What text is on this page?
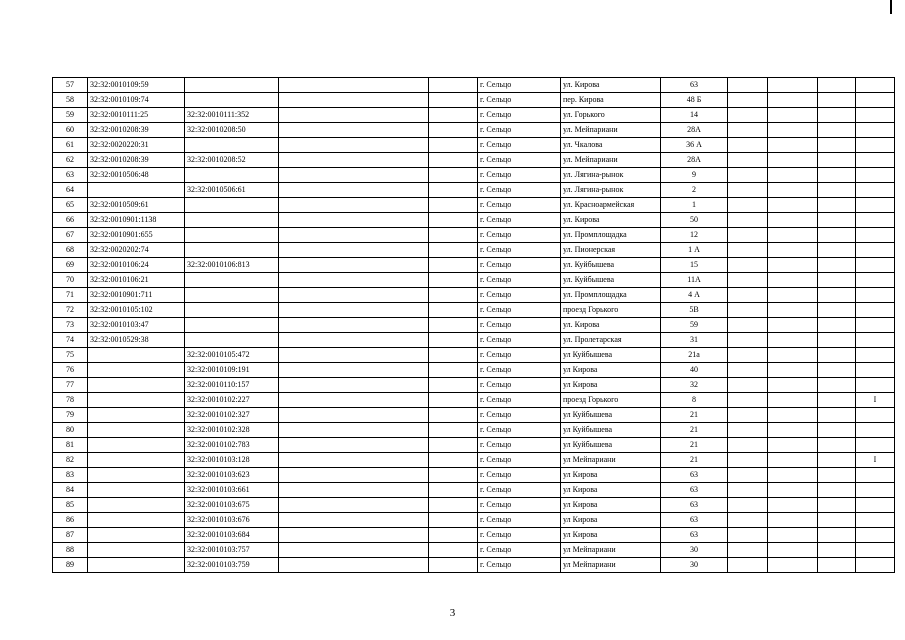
57	32:32:0010109:59				г. Сельцо	ул. Кирова	63				
58	32:32:0010109:74				г. Сельцо	пер. Кирова	48 Б				
59	32:32:0010111:25	32:32:0010111:352			г. Сельцо	ул. Горького	14				
60	32:32:0010208:39	32:32:0010208:50			г. Сельцо	ул. Мейпариани	28А				
61	32:32:0020220:31				г. Сельцо	ул. Чкалова	36 А				
62	32:32:0010208:39	32:32:0010208:52			г. Сельцо	ул. Мейпариани	28А				
63	32:32:0010506:48				г. Сельцо	ул. Лягина-рынок	9				
64		32:32:0010506:61			г. Сельцо	ул. Лягина-рынок	2				
65	32:32:0010509:61				г. Сельцо	ул. Красноармейская	1				
66	32:32:0010901:1138				г. Сельцо	ул. Кирова	50				
67	32:32:0010901:655				г. Сельцо	ул. Промплощадка	12				
68	32:32:0020202:74				г. Сельцо	ул. Пионерская	1 А				
69	32:32:0010106:24	32:32:0010106:813			г. Сельцо	ул. Куйбышева	15				
70	32:32:0010106:21				г. Сельцо	ул. Куйбышева	11А				
71	32:32:0010901:711				г. Сельцо	ул. Промплощадка	4 А				
72	32:32:0010105:102				г. Сельцо	проезд Горького	5В				
73	32:32:0010103:47				г. Сельцо	ул. Кирова	59				
74	32:32:0010529:38				г. Сельцо	ул. Пролетарская	31				
75		32:32:0010105:472			г. Сельцо	ул Куйбышева	21а				
76		32:32:0010109:191			г. Сельцо	ул Кирова	40				
77		32:32:0010110:157			г. Сельцо	ул Кирова	32				
78		32:32:0010102:227			г. Сельцо	проезд Горького	8				I
79		32:32:0010102:327			г. Сельцо	ул Куйбышева	21				
80		32:32:0010102:328			г. Сельцо	ул Куйбышева	21				
81		32:32:0010102:783			г. Сельцо	ул Куйбышева	21				
82		32:32:0010103:128			г. Сельцо	ул Мейпариани	21				I
83		32:32:0010103:623			г. Сельцо	ул Кирова	63				
84		32:32:0010103:661			г. Сельцо	ул Кирова	63				
85		32:32:0010103:675			г. Сельцо	ул Кирова	63				
86		32:32:0010103:676			г. Сельцо	ул Кирова	63				
87		32:32:0010103:684			г. Сельцо	ул Кирова	63				
88		32:32:0010103:757			г. Сельцо	ул Мейпариани	30				
89		32:32:0010103:759			г. Сельцо	ул Мейпариани	30				
3
